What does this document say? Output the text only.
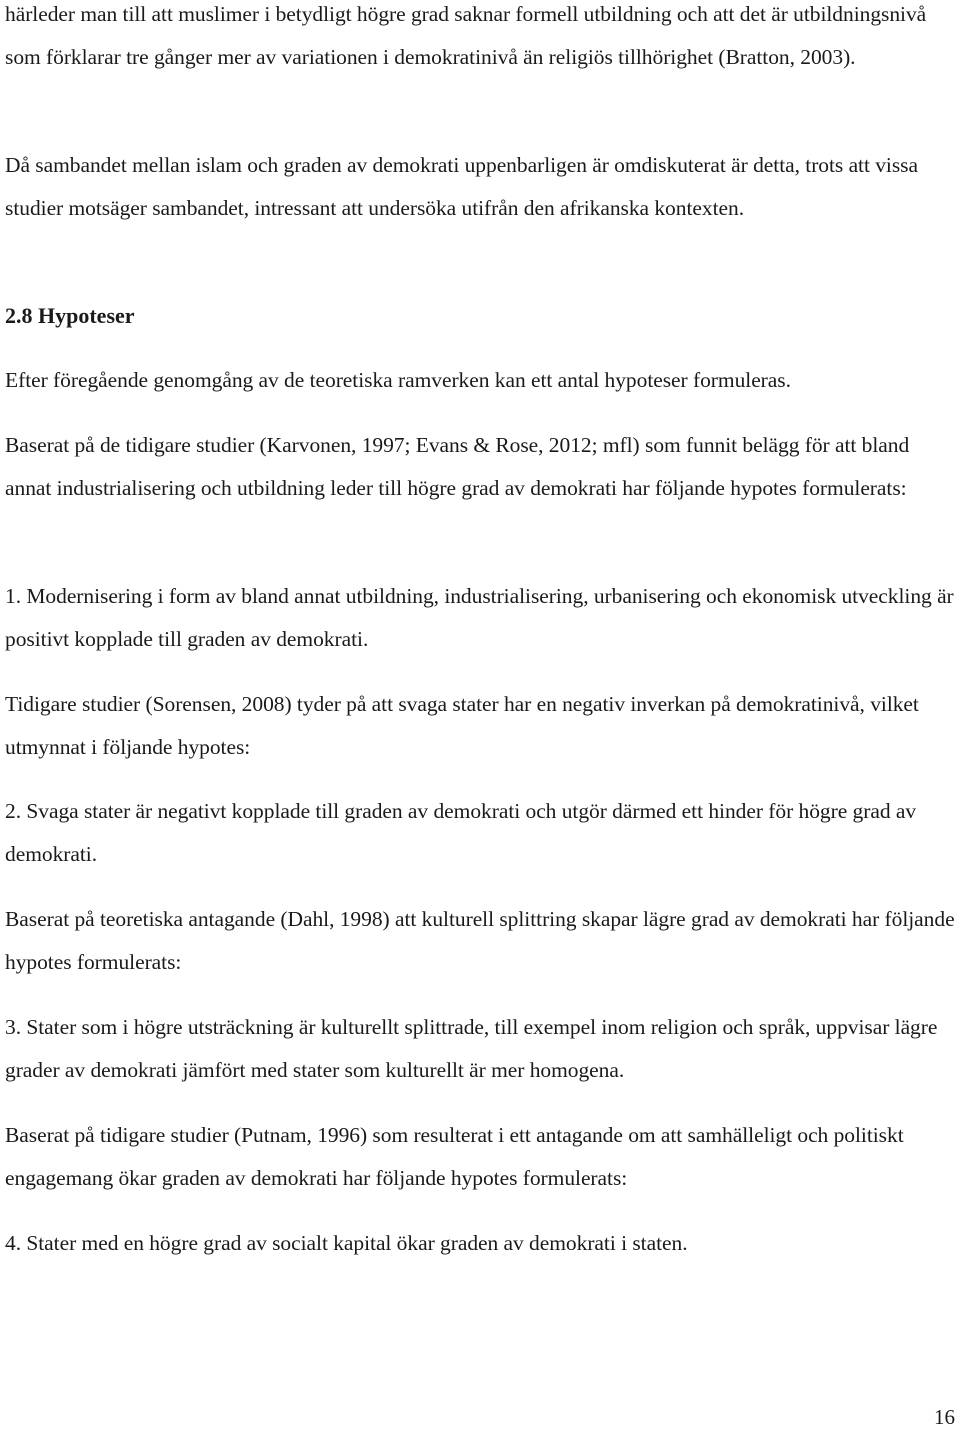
härleder man till att muslimer i betydligt högre grad saknar formell utbildning och att det är utbildningsnivå som förklarar tre gånger mer av variationen i demokratinivå än religiös tillhörighet (Bratton, 2003).

Då sambandet mellan islam och graden av demokrati uppenbarligen är omdiskuterat är detta, trots att vissa studier motsäger sambandet, intressant att undersöka utifrån den afrikanska kontexten.

2.8 Hypoteser

Efter föregående genomgång av de teoretiska ramverken kan ett antal hypoteser formuleras.

Baserat på de tidigare studier (Karvonen, 1997; Evans & Rose, 2012; mfl) som funnit belägg för att bland annat industrialisering och utbildning leder till högre grad av demokrati har följande hypotes formulerats:

1. Modernisering i form av bland annat utbildning, industrialisering, urbanisering och ekonomisk utveckling är positivt kopplade till graden av demokrati.

Tidigare studier (Sorensen, 2008) tyder på att svaga stater har en negativ inverkan på demokratinivå, vilket utmynnat i följande hypotes:

2. Svaga stater är negativt kopplade till graden av demokrati och utgör därmed ett hinder för högre grad av demokrati.

Baserat på teoretiska antagande (Dahl, 1998) att kulturell splittring skapar lägre grad av demokrati har följande hypotes formulerats:

3. Stater som i högre utsträckning är kulturellt splittrade, till exempel inom religion och språk, uppvisar lägre grader av demokrati jämfört med stater som kulturellt är mer homogena.

Baserat på tidigare studier (Putnam, 1996) som resulterat i ett antagande om att samhälleligt och politiskt engagemang ökar graden av demokrati har följande hypotes formulerats:

4. Stater med en högre grad av socialt kapital ökar graden av demokrati i staten.

16
